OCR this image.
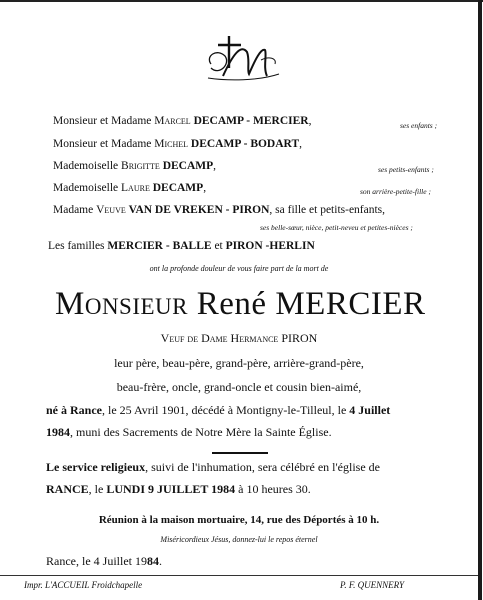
Monsieur et Madame Marcel DECAMP - MERCIER,	ses enfants ;
Monsieur et Madame Michel DECAMP - BODART,
Mademoiselle Brigitte DECAMP,	ses petits-enfants ;
Mademoiselle Laure DECAMP,	son arrière-petite-fille ;
Madame Veuve VAN DE VREKEN - PIRON, sa fille et petits-enfants,
ses belle-sœur, nièce, petit-neveu et petites-nièces ;
Les familles MERCIER - BALLE et PIRON -HERLIN
ont la profonde douleur de vous faire part de la mort de
Monsieur René MERCIER
Veuf de Dame Hermance PIRON
leur père, beau-père, grand-père, arrière-grand-père,
beau-frère, oncle, grand-oncle et cousin bien-aimé,
né à Rance, le 25 Avril 1901, décédé à Montigny-le-Tilleul, le 4 Juillet
1984, muni des Sacrements de Notre Mère la Sainte Église.
Le service religieux, suivi de l'inhumation, sera célébré en l'église de
RANCE, le LUNDI 9 JUILLET 1984 à 10 heures 30.
Réunion à la maison mortuaire, 14, rue des Déportés à 10 h.
Miséricordieux Jésus, donnez-lui le repos éternel
Rance, le 4 Juillet 1984.
Impr. L'ACCUEIL Froidchapelle	P. F. QUENNERY
